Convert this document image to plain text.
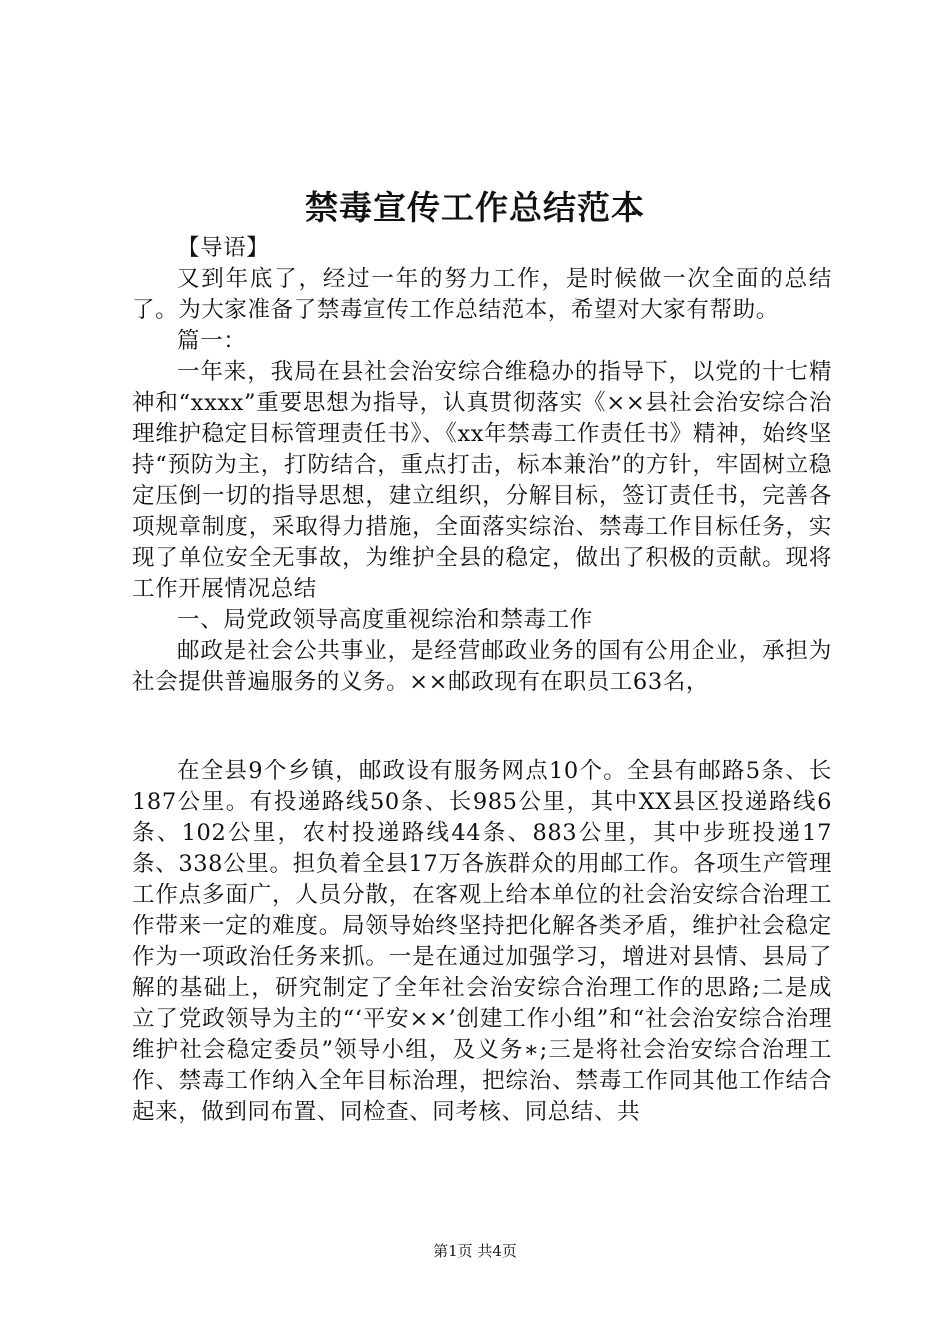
禁毒宣传工作总结范本

【导语】

又到年底了，经过一年的努力工作，是时候做一次全面的总结了。为大家准备了禁毒宣传工作总结范本，希望对大家有帮助。

篇一：

一年来，我局在县社会治安综合维稳办的指导下，以党的十七精神和“xxxx”重要思想为指导，认真贯彻落实《××县社会治安综合治理维护稳定目标管理责任书》、《xx年禁毒工作责任书》精神，始终坚持“预防为主，打防结合，重点打击，标本兼治”的方针，牢固树立稳定压倒一切的指导思想，建立组织，分解目标，签订责任书，完善各项规章制度，采取得力措施，全面落实综治、禁毒工作目标任务，实现了单位安全无事故，为维护全县的稳定，做出了积极的贡献。现将工作开展情况总结

一、局党政领导高度重视综治和禁毒工作

邮政是社会公共事业，是经营邮政业务的国有公用企业，承担为社会提供普遍服务的义务。××邮政现有在职员工63名，

在全县9个乡镇，邮政设有服务网点10个。全县有邮路5条、长187公里。有投递路线50条、长985公里，其中XX县区投递路线6条、102公里，农村投递路线44条、883公里，其中步班投递17条、338公里。担负着全县17万各族群众的用邮工作。各项生产管理工作点多面广，人员分散，在客观上给本单位的社会治安综合治理工作带来一定的难度。局领导始终坚持把化解各类矛盾，维护社会稳定作为一项政治任务来抓。一是在通过加强学习，增进对县情、县局了解的基础上，研究制定了全年社会治安综合治理工作的思路;二是成立了党政领导为主的“‘平安××’创建工作小组”和“社会治安综合治理维护社会稳定委员”领导小组，及义务∗;三是将社会治安综合治理工作、禁毒工作纳入全年目标治理，把综治、禁毒工作同其他工作结合起来，做到同布置、同检查、同考核、同总结、共

第1页 共4页
